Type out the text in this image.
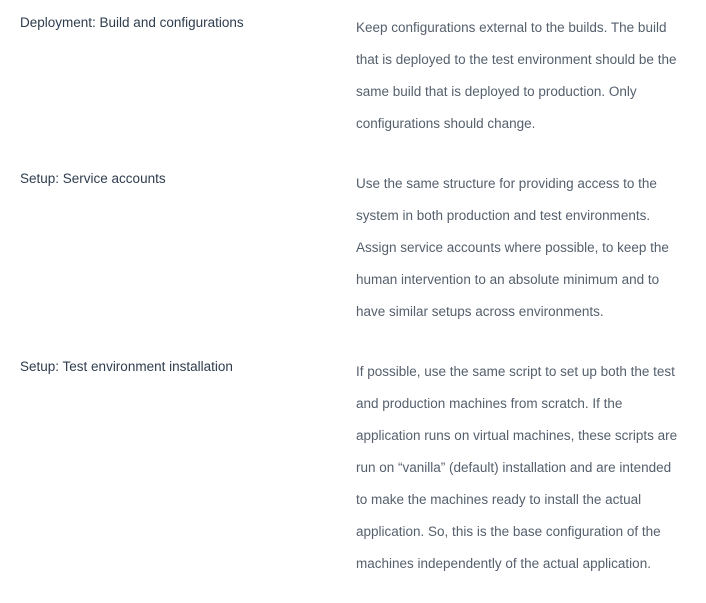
Deployment: Build and configurations	Keep configurations external to the builds. The build that is deployed to the test environment should be the same build that is deployed to production. Only configurations should change.
Setup: Service accounts	Use the same structure for providing access to the system in both production and test environments. Assign service accounts where possible, to keep the human intervention to an absolute minimum and to have similar setups across environments.
Setup: Test environment installation	If possible, use the same script to set up both the test and production machines from scratch. If the application runs on virtual machines, these scripts are run on “vanilla” (default) installation and are intended to make the machines ready to install the actual application. So, this is the base configuration of the machines independently of the actual application.
